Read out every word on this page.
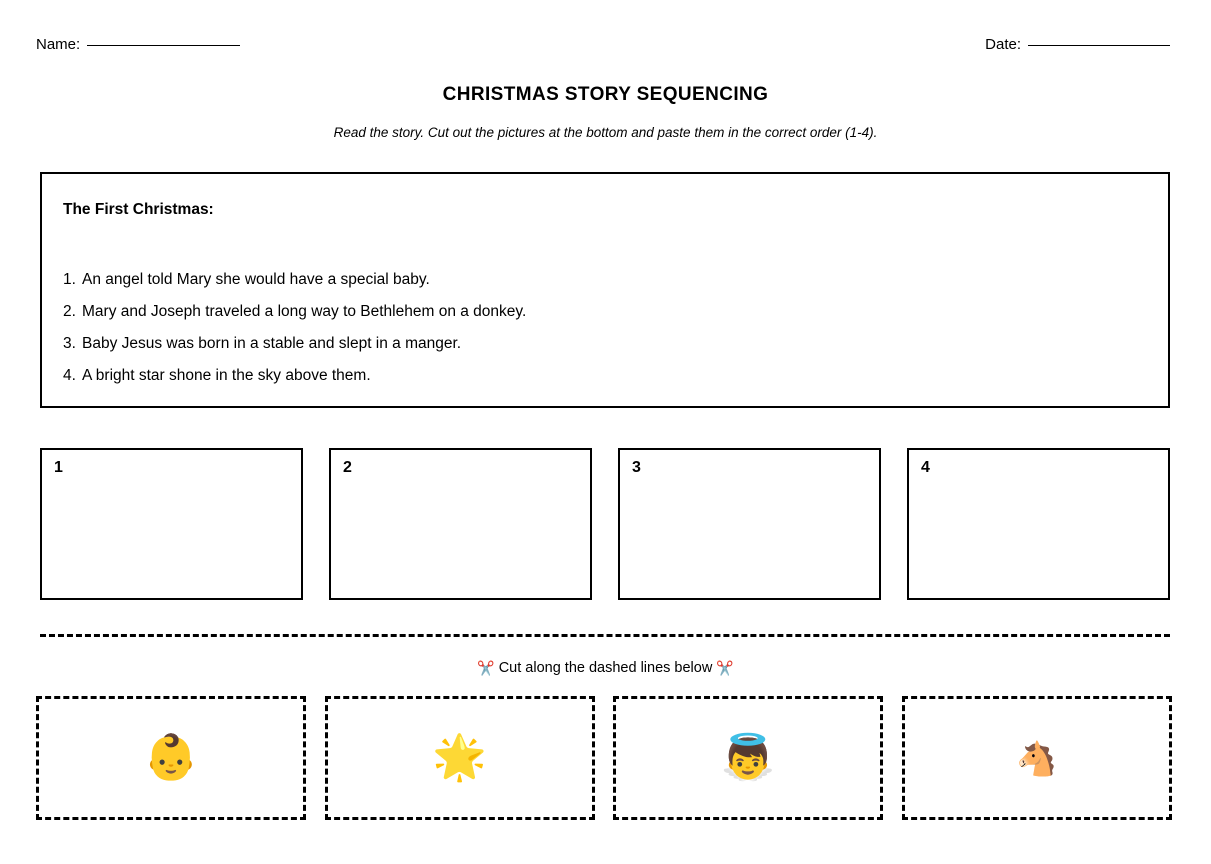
Name:	Date:
CHRISTMAS STORY SEQUENCING
Read the story. Cut out the pictures at the bottom and paste them in the correct order (1-4).
The First Christmas:
1. An angel told Mary she would have a special baby.
2. Mary and Joseph traveled a long way to Bethlehem on a donkey.
3. Baby Jesus was born in a stable and slept in a manger.
4. A bright star shone in the sky above them.
1	2	3	4
✂️ Cut along the dashed lines below ✂️
👶	🌟	👼	🐴
